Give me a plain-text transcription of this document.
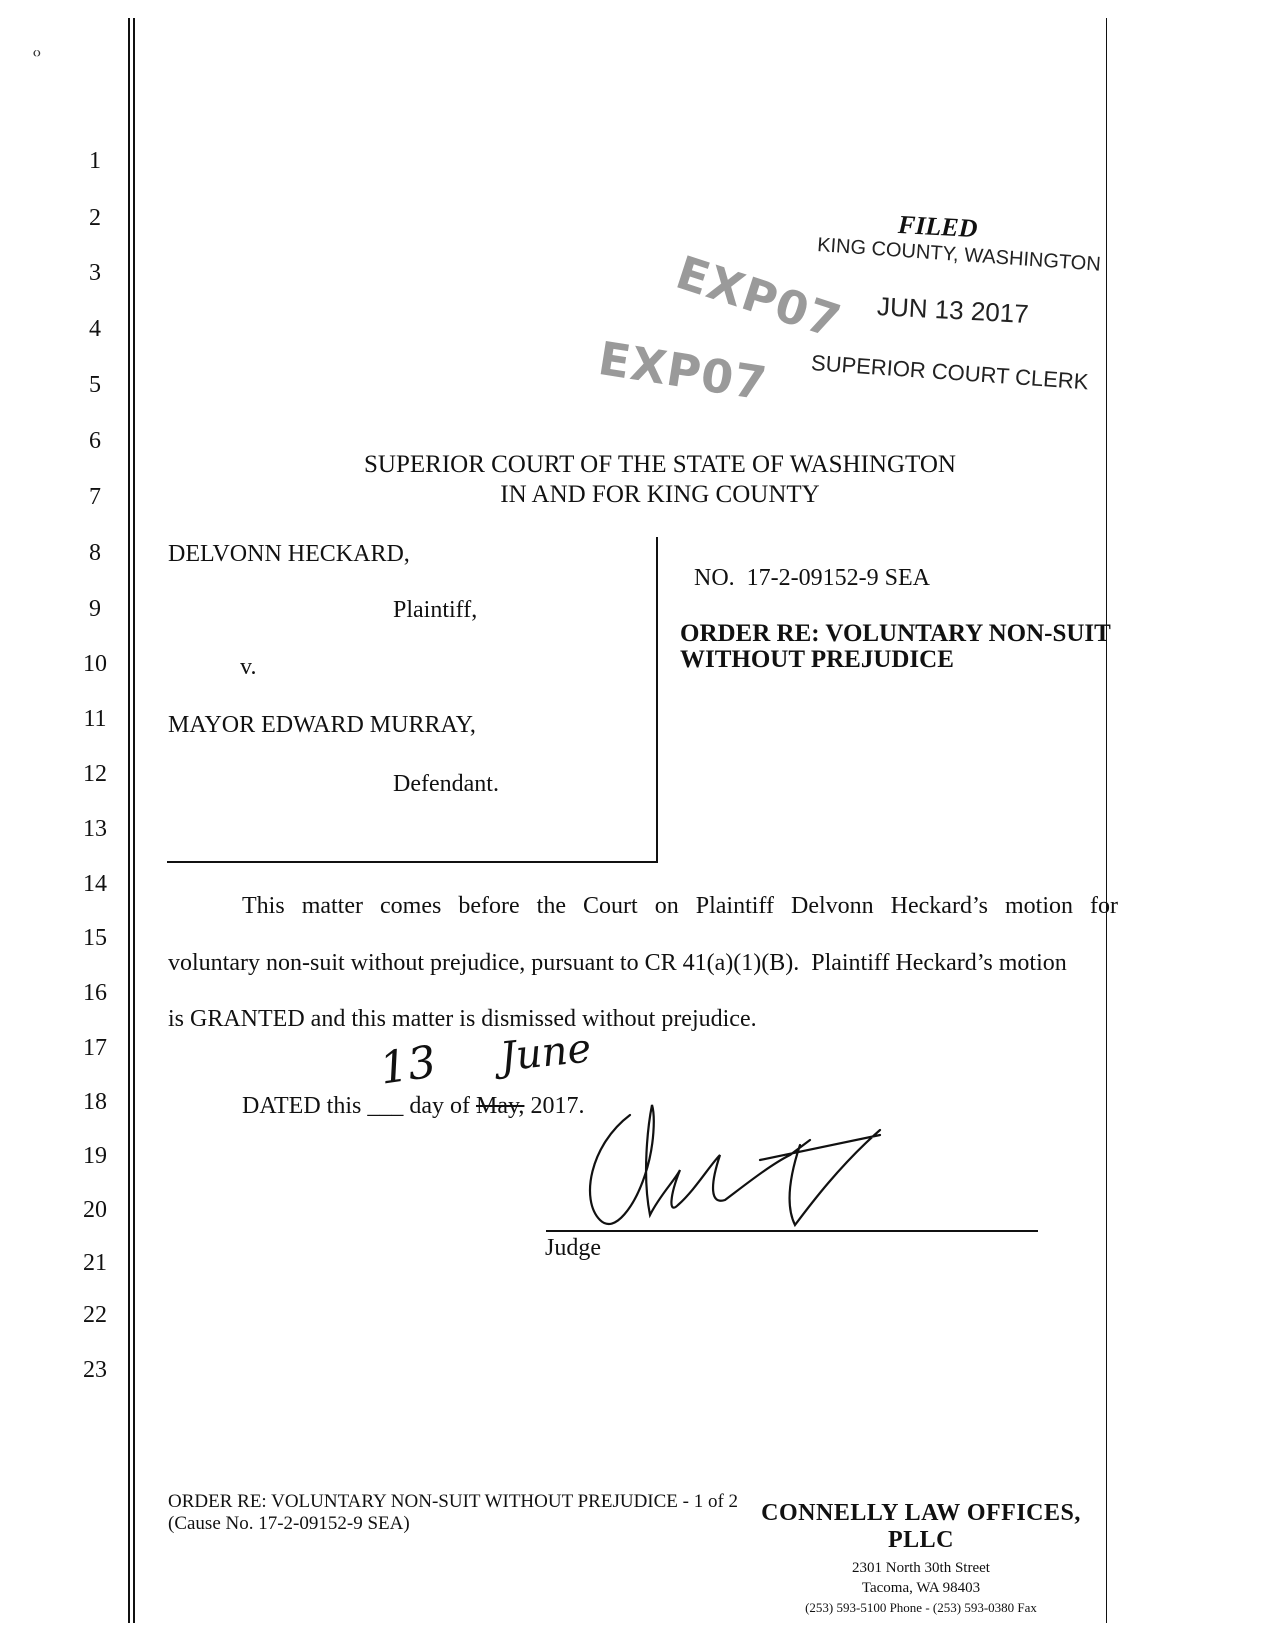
𝅖
1
2
3
4
5
6
7
8
9
10
11
12
13
14
15
16
17
18
19
20
21
22
23
FILED
KING COUNTY, WASHINGTON
JUN 13 2017
SUPERIOR COURT CLERK
EXP07
EXP07
SUPERIOR COURT OF THE STATE OF WASHINGTON
IN AND FOR KING COUNTY
DELVONN HECKARD,
Plaintiff,
v.
MAYOR EDWARD MURRAY,
Defendant.
NO.  17-2-09152-9 SEA
ORDER RE: VOLUNTARY NON-SUIT
WITHOUT PREJUDICE
This matter comes before the Court on Plaintiff Delvonn Heckard’s motion for
voluntary non-suit without prejudice, pursuant to CR 41(a)(1)(B).  Plaintiff Heckard’s motion
is GRANTED and this matter is dismissed without prejudice.
DATED this ___ day of May, 2017.
13 June
Judge
ORDER RE: VOLUNTARY NON-SUIT WITHOUT PREJUDICE - 1 of 2
(Cause No. 17-2-09152-9 SEA)	CONNELLY LAW OFFICES, PLLC
2301 North 30th Street
Tacoma, WA 98403
(253) 593-5100 Phone - (253) 593-0380 Fax
